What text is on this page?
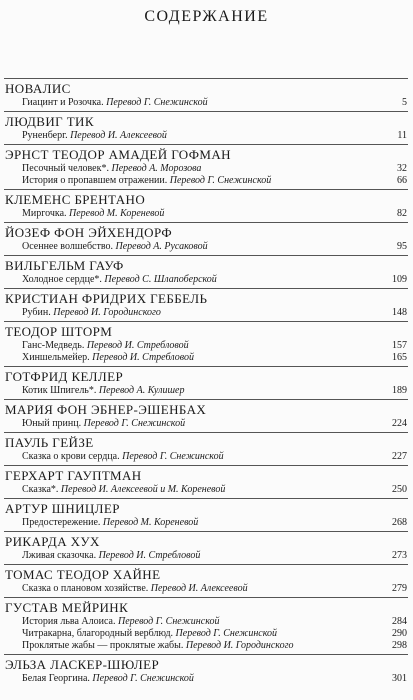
СОДЕРЖАНИЕ
НОВАЛИС
Гиацинт и Розочка. Перевод Г. Снежинской	5
ЛЮДВИГ ТИК
Руненберг. Перевод И. Алексеевой	11
ЭРНСТ ТЕОДОР АМАДЕЙ ГОФМАН
Песочный человек*. Перевод А. Морозова	32
История о пропавшем отражении. Перевод Г. Снежинской	66
КЛЕМЕНС БРЕНТАНО
Миргочка. Перевод М. Кореневой	82
ЙОЗЕФ ФОН ЭЙХЕНДОРФ
Осеннее волшебство. Перевод А. Русаковой	95
ВИЛЬГЕЛЬМ ГАУФ
Холодное сердце*. Перевод С. Шлапоберской	109
КРИСТИАН ФРИДРИХ ГЕББЕЛЬ
Рубин. Перевод И. Городинского	148
ТЕОДОР ШТОРМ
Ганс-Медведь. Перевод И. Стребловой	157
Хиншельмейер. Перевод И. Стребловой	165
ГОТФРИД КЕЛЛЕР
Котик Шпигель*. Перевод А. Кулишер	189
МАРИЯ ФОН ЭБНЕР-ЭШЕНБАХ
Юный принц. Перевод Г. Снежинской	224
ПАУЛЬ ГЕЙЗЕ
Сказка о крови сердца. Перевод Г. Снежинской	227
ГЕРХАРТ ГАУПТМАН
Сказка*. Перевод И. Алексеевой и М. Кореневой	250
АРТУР ШНИЦЛЕР
Предостережение. Перевод М. Кореневой	268
РИКАРДА ХУХ
Лживая сказочка. Перевод И. Стребловой	273
ТОМАС ТЕОДОР ХАЙНЕ
Сказка о плановом хозяйстве. Перевод И. Алексеевой	279
ГУСТАВ МЕЙРИНК
История льва Алоиса. Перевод Г. Снежинской	284
Читракарна, благородный верблюд. Перевод Г. Снежинской	290
Проклятые жабы — проклятые жабы. Перевод И. Городинского	298
ЭЛЬЗА ЛАСКЕР-ШЮЛЕР
Белая Георгина. Перевод Г. Снежинской	301
